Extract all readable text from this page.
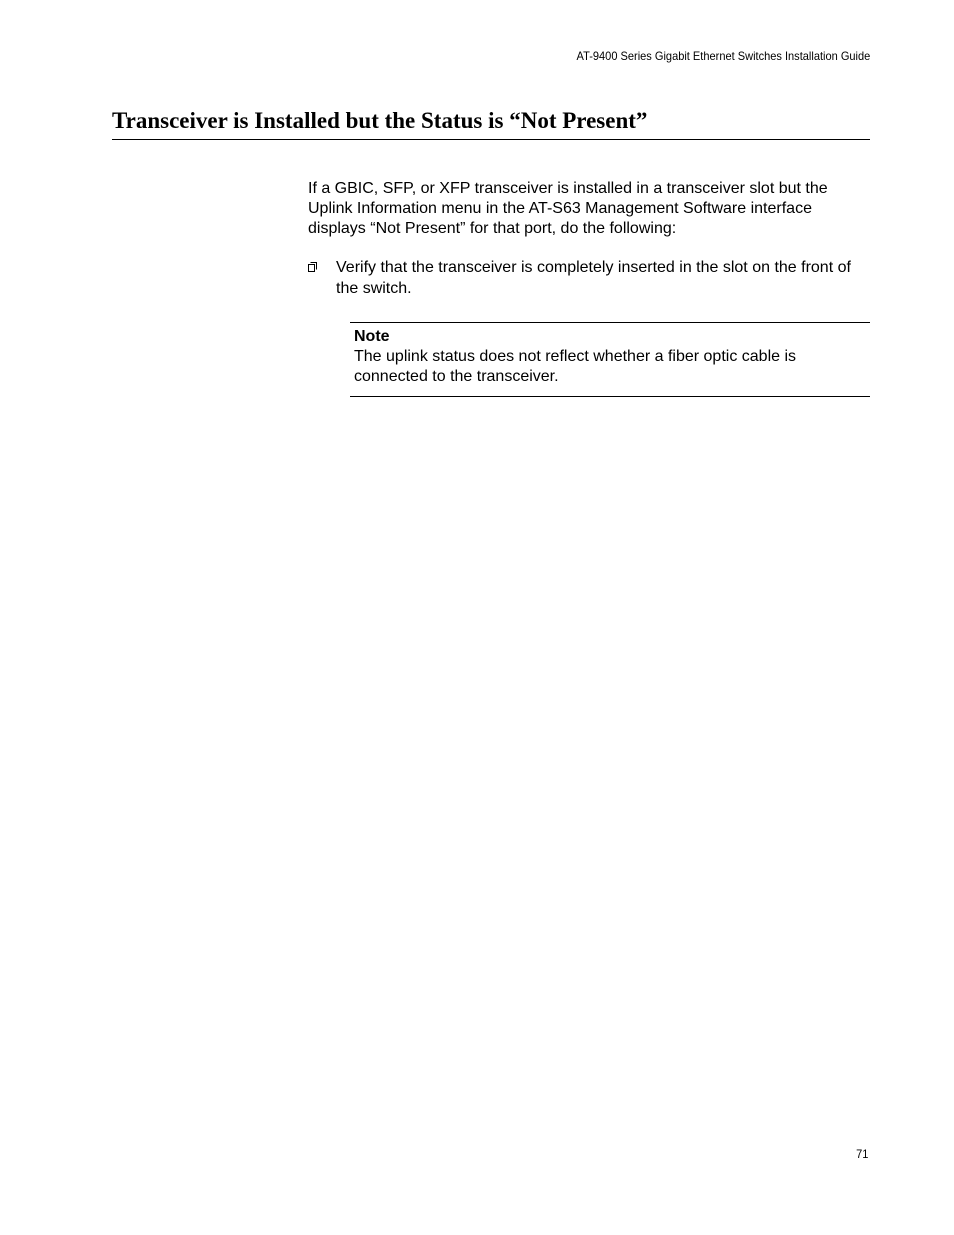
AT-9400 Series Gigabit Ethernet Switches Installation Guide
Transceiver is Installed but the Status is “Not Present”

If a GBIC, SFP, or XFP transceiver is installed in a transceiver slot but the Uplink Information menu in the AT-S63 Management Software interface displays “Not Present” for that port, do the following:

Verify that the transceiver is completely inserted in the slot on the front of the switch.
Note
The uplink status does not reflect whether a fiber optic cable is connected to the transceiver.
71
